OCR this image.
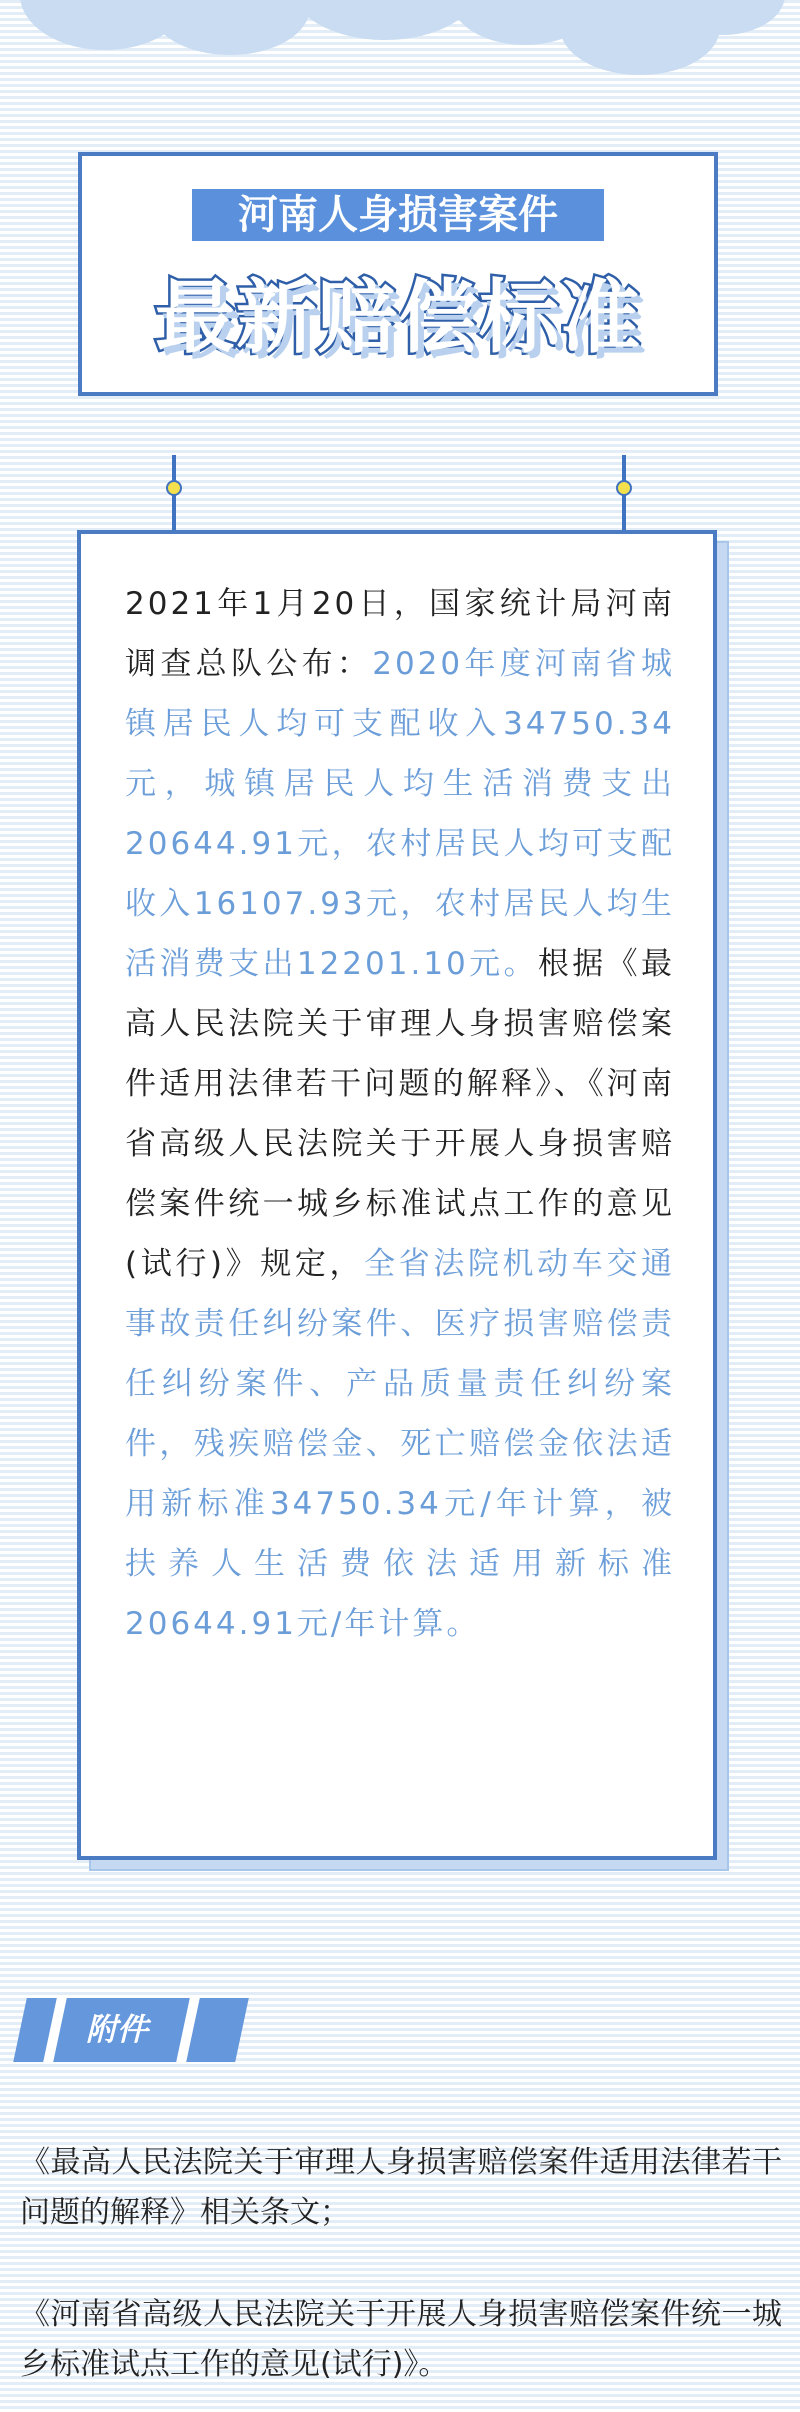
河南人身损害案件
最新赔偿标准

2021年1月20日，国家统计局河南调查总队公布：2020年度河南省城镇居民人均可支配收入34750.34元，城镇居民人均生活消费支出20644.91元，农村居民人均可支配收入16107.93元，农村居民人均生活消费支出12201.10元。根据《最高人民法院关于审理人身损害赔偿案件适用法律若干问题的解释》、《河南省高级人民法院关于开展人身损害赔偿案件统一城乡标准试点工作的意见(试行)》规定，全省法院机动车交通事故责任纠纷案件、医疗损害赔偿责任纠纷案件、产品质量责任纠纷案件，残疾赔偿金、死亡赔偿金依法适用新标准34750.34元/年计算，被扶养人生活费依法适用新标准20644.91元/年计算。

附件

《最高人民法院关于审理人身损害赔偿案件适用法律若干问题的解释》相关条文；

《河南省高级人民法院关于开展人身损害赔偿案件统一城乡标准试点工作的意见(试行)》。
